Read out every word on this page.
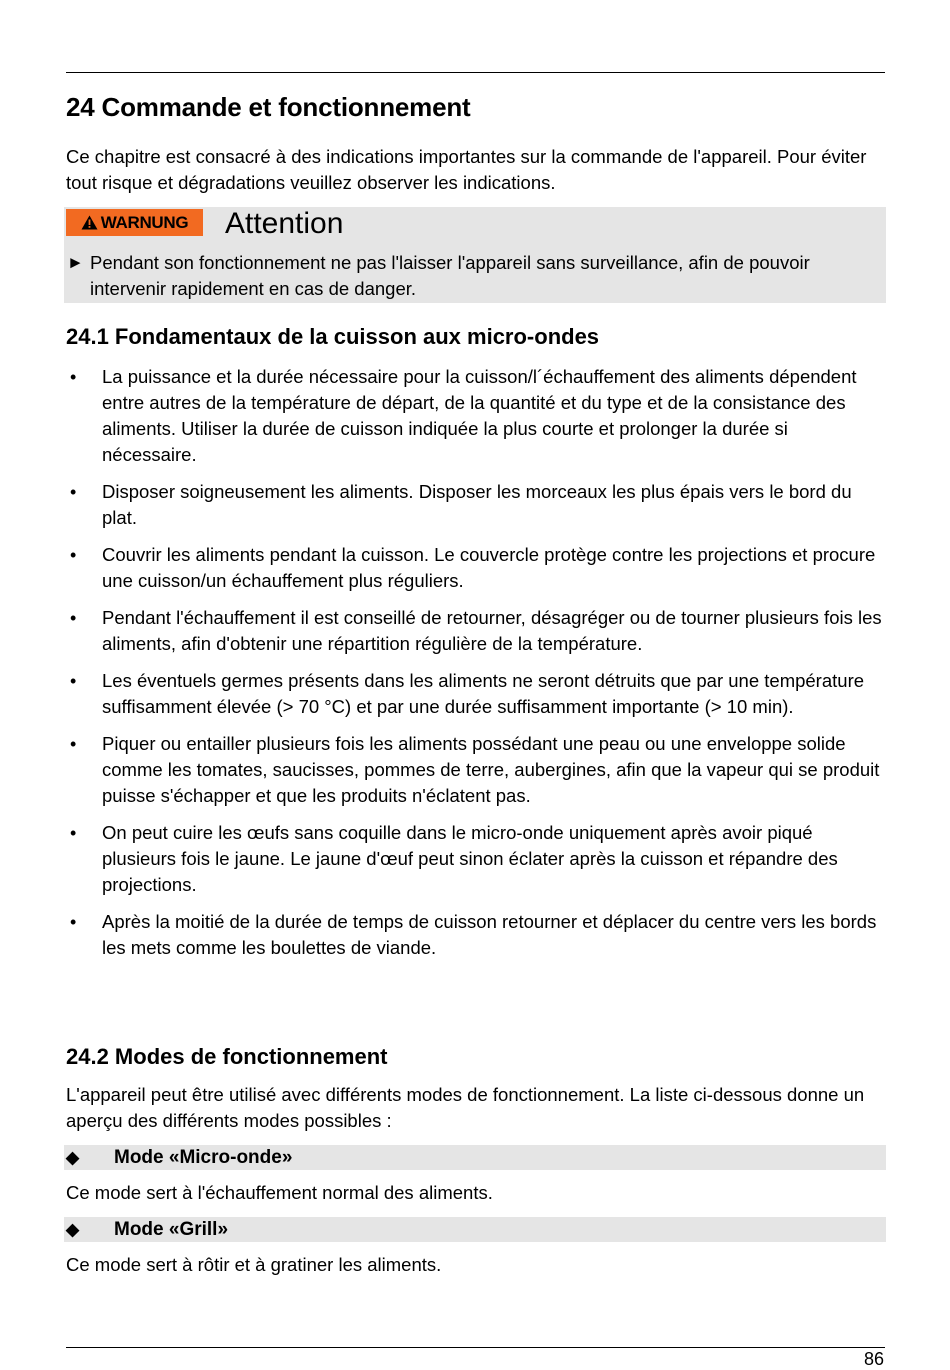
24 Commande et fonctionnement

Ce chapitre est consacré à des indications importantes sur la commande de l'appareil. Pour éviter tout risque et dégradations veuillez observer les indications.

WARNUNG Attention
► Pendant son fonctionnement ne pas l'laisser l'appareil sans surveillance, afin de pouvoir intervenir rapidement en cas de danger.
24.1 Fondamentaux de la cuisson aux micro-ondes
• La puissance et la durée nécessaire pour la cuisson/l´échauffement des aliments dépendent entre autres de la température de départ, de la quantité et du type et de la consistance des aliments. Utiliser la durée de cuisson indiquée la plus courte et prolonger la durée si nécessaire.
• Disposer soigneusement les aliments. Disposer les morceaux les plus épais vers le bord du plat.
• Couvrir les aliments pendant la cuisson. Le couvercle protège contre les projections et procure une cuisson/un échauffement plus réguliers.
• Pendant l'échauffement il est conseillé de retourner, désagréger ou de tourner plusieurs fois les aliments, afin d'obtenir une répartition régulière de la température.
• Les éventuels germes présents dans les aliments ne seront détruits que par une température suffisamment élevée (> 70 °C) et par une durée suffisamment importante (> 10 min).
• Piquer ou entailler plusieurs fois les aliments possédant une peau ou une enveloppe solide comme les tomates, saucisses, pommes de terre, aubergines, afin que la vapeur qui se produit puisse s'échapper et que les produits n'éclatent pas.
• On peut cuire les œufs sans coquille dans le micro-onde uniquement après avoir piqué plusieurs fois le jaune. Le jaune d'œuf peut sinon éclater après la cuisson et répandre des projections.
• Après la moitié de la durée de temps de cuisson retourner et déplacer du centre vers les bords les mets comme les boulettes de viande.
24.2 Modes de fonctionnement

L'appareil peut être utilisé avec différents modes de fonctionnement. La liste ci-dessous donne un aperçu des différents modes possibles :

◆ Mode «Micro-onde»

Ce mode sert à l'échauffement normal des aliments.

◆ Mode «Grill»

Ce mode sert à rôtir et à gratiner les aliments.

86
